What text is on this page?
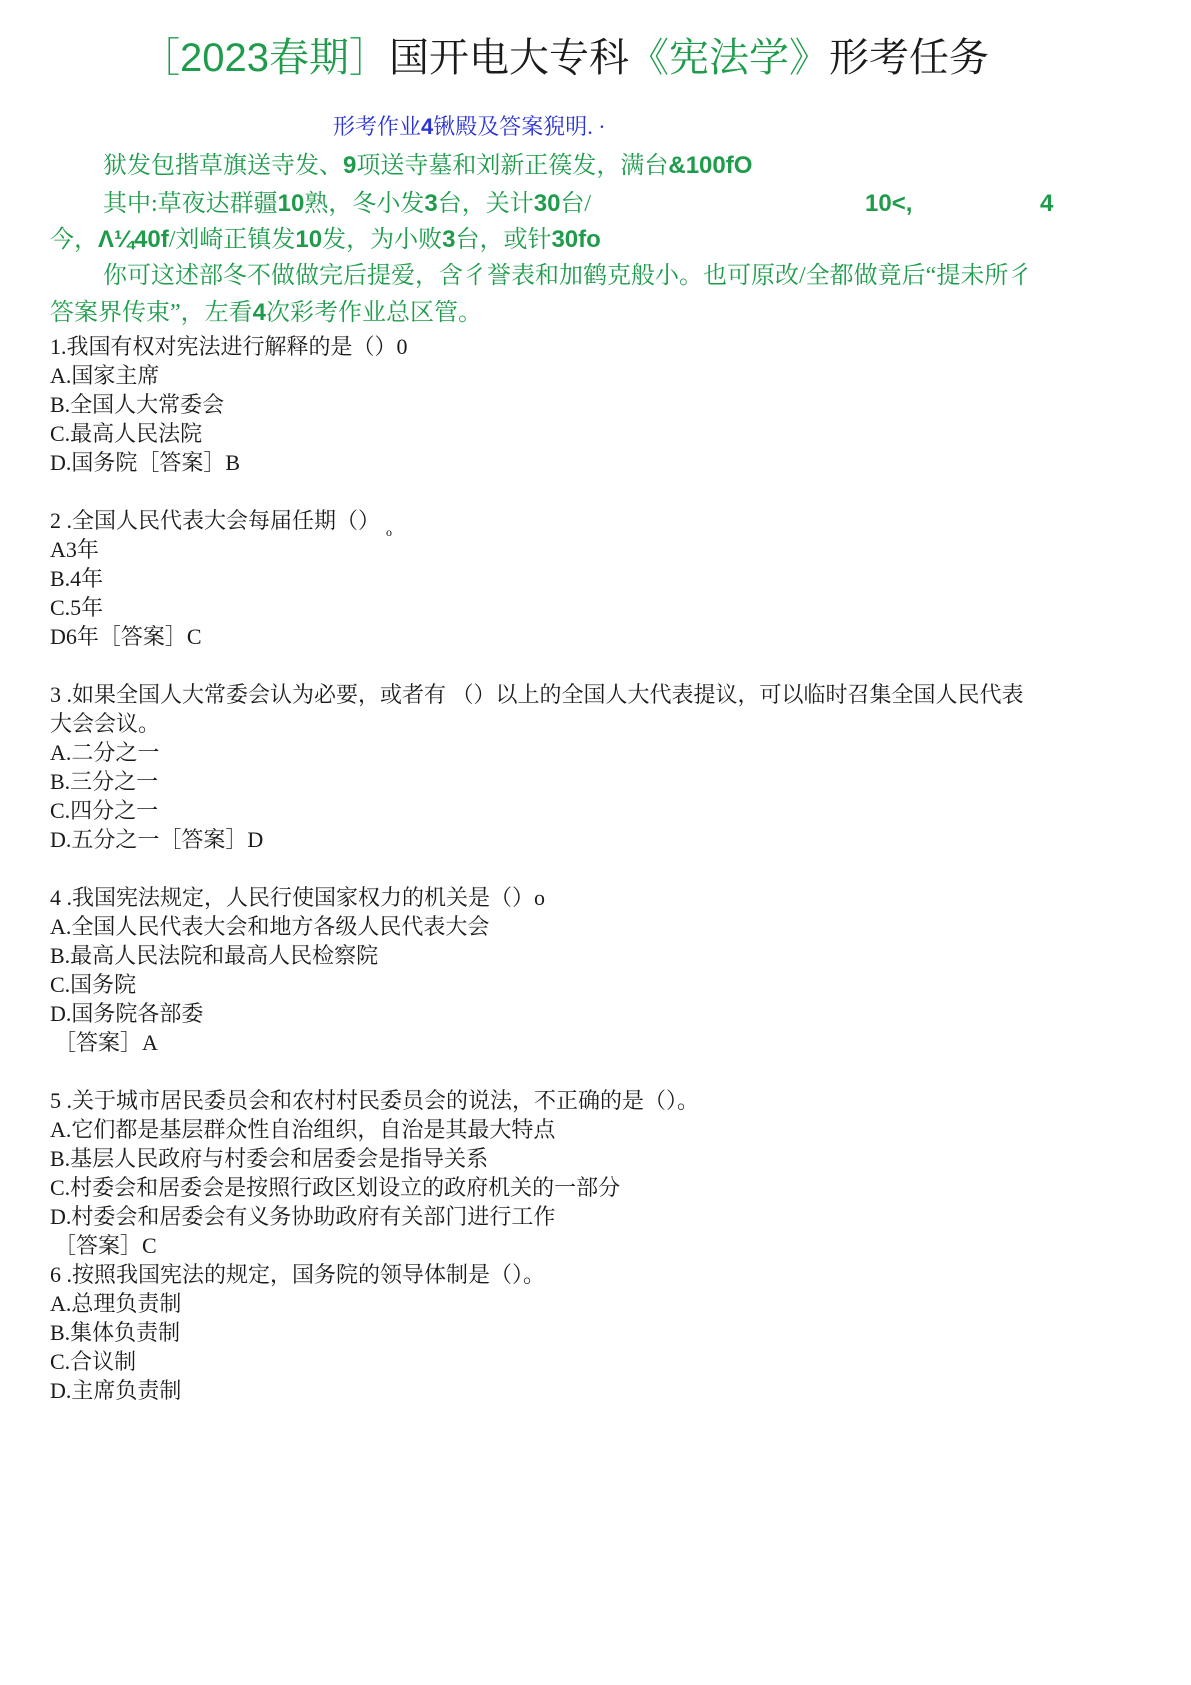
［2023春期］国开电大专科《宪法学》形考任务
形考作业4锹殿及答案猊明. ·
狱发包揩草旗送寺发、9项送寺墓和刘新正篌发，满台&100fO
其中:草夜达群疆10熟，冬小发3台，关计30台/	10<,	4
今，Λ¼40f/刘崎正镇发10发，为小败3台，或针30fo
你可这述部冬不做做完后提爱，含彳誉表和加鹤克般小。也可原改/全都做竟后“提未所彳
答案界传束”，左看4次彩考作业总区管。
1.我国有权对宪法进行解释的是（）0
A.国家主席
B.全国人大常委会
C.最高人民法院
D.国务院［答案］B
2 .全国人民代表大会每届任期（） $_o$
A3年
B.4年
C.5年
D6年［答案］C
3 .如果全国人大常委会认为必要，或者有 （）以上的全国人大代表提议，可以临时召集全国人民代表
大会会议。
A.二分之一
B.三分之一
C.四分之一
D.五分之一［答案］D
4 .我国宪法规定，人民行使国家权力的机关是（）o
A.全国人民代表大会和地方各级人民代表大会
B.最高人民法院和最高人民检察院
C.国务院
D.国务院各部委
［答案］A
5 .关于城市居民委员会和农村村民委员会的说法，不正确的是（）。
A.它们都是基层群众性自治组织，自治是其最大特点
B.基层人民政府与村委会和居委会是指导关系
C.村委会和居委会是按照行政区划设立的政府机关的一部分
D.村委会和居委会有义务协助政府有关部门进行工作
［答案］C
6 .按照我国宪法的规定，国务院的领导体制是（）。
A.总理负责制
B.集体负责制
C.合议制
D.主席负责制
